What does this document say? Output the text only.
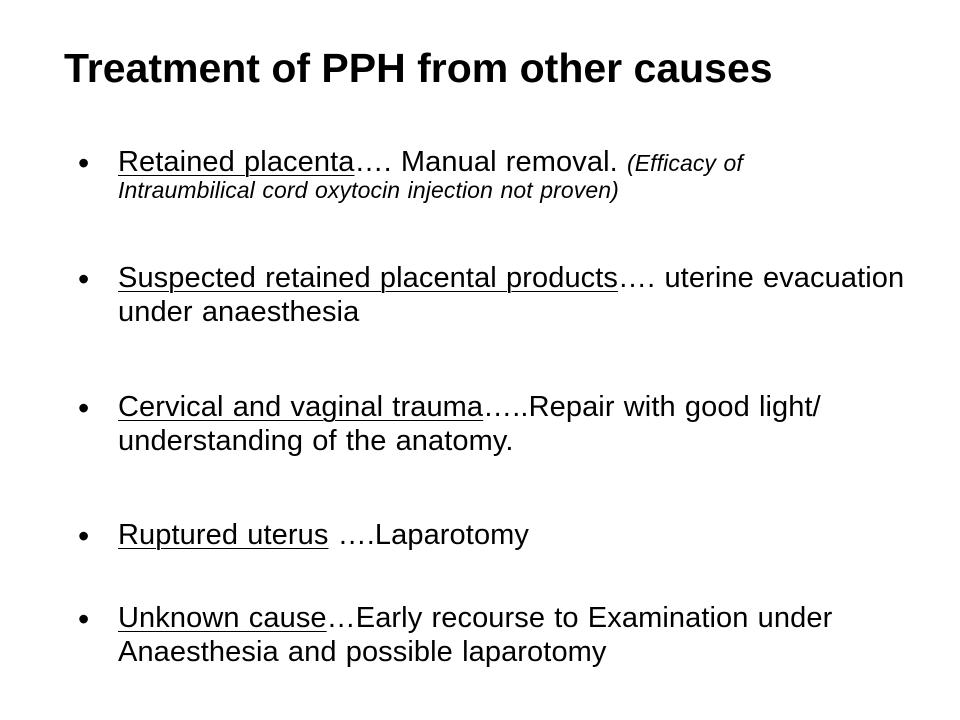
Treatment of PPH from other causes
• Retained placenta…. Manual removal. (Efficacy of
Intraumbilical cord oxytocin injection not proven)
• Suspected retained placental products…. uterine evacuation under anaesthesia
• Cervical and vaginal trauma…..Repair with good light/ understanding of the anatomy.
• Ruptured uterus ….Laparotomy
• Unknown cause…Early recourse to Examination under Anaesthesia and possible laparotomy
